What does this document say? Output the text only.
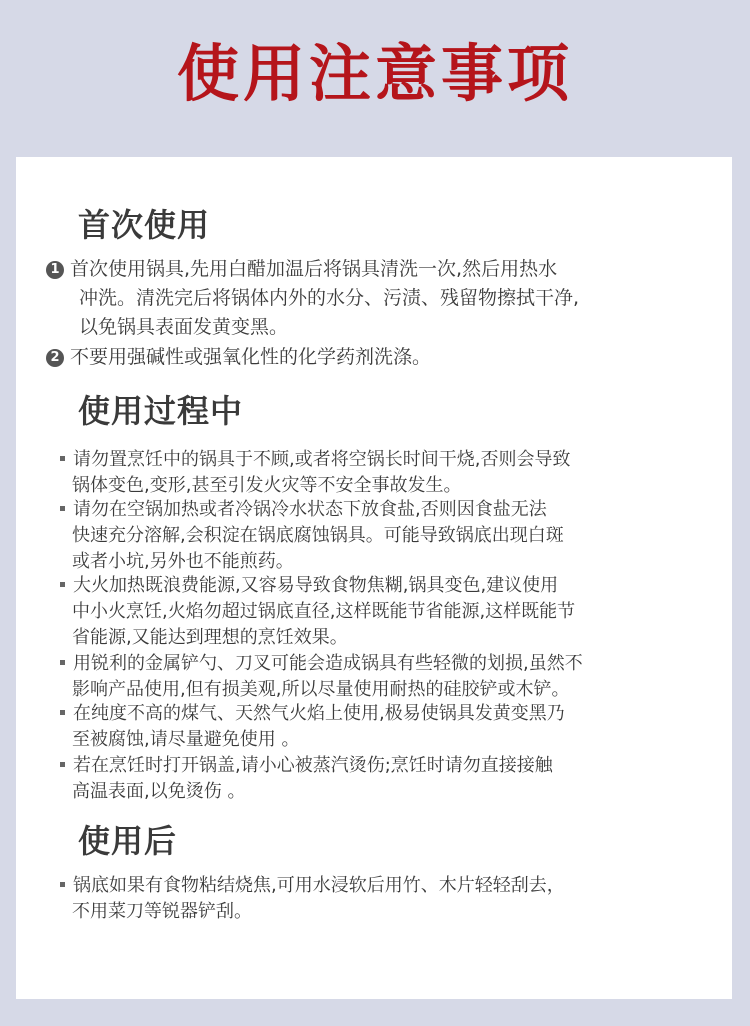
使用注意事项
首次使用
1 首次使用锅具,先用白醋加温后将锅具清洗一次,然后用热水
冲洗。清洗完后将锅体内外的水分、污渍、残留物擦拭干净,
以免锅具表面发黄变黑。
2 不要用强碱性或强氧化性的化学药剂洗涤。
使用过程中
请勿置烹饪中的锅具于不顾,或者将空锅长时间干烧,否则会导致
锅体变色,变形,甚至引发火灾等不安全事故发生。
请勿在空锅加热或者冷锅冷水状态下放食盐,否则因食盐无法
快速充分溶解,会积淀在锅底腐蚀锅具。可能导致锅底出现白斑
或者小坑,另外也不能煎药。
大火加热既浪费能源,又容易导致食物焦糊,锅具变色,建议使用
中小火烹饪,火焰勿超过锅底直径,这样既能节省能源,这样既能节
省能源,又能达到理想的烹饪效果。
用锐利的金属铲勺、刀叉可能会造成锅具有些轻微的划损,虽然不
影响产品使用,但有损美观,所以尽量使用耐热的硅胶铲或木铲。
在纯度不高的煤气、天然气火焰上使用,极易使锅具发黄变黑乃
至被腐蚀,请尽量避免使用 。
若在烹饪时打开锅盖,请小心被蒸汽烫伤;烹饪时请勿直接接触
高温表面,以免烫伤 。
使用后
锅底如果有食物粘结烧焦,可用水浸软后用竹、木片轻轻刮去，
不用菜刀等锐器铲刮。
